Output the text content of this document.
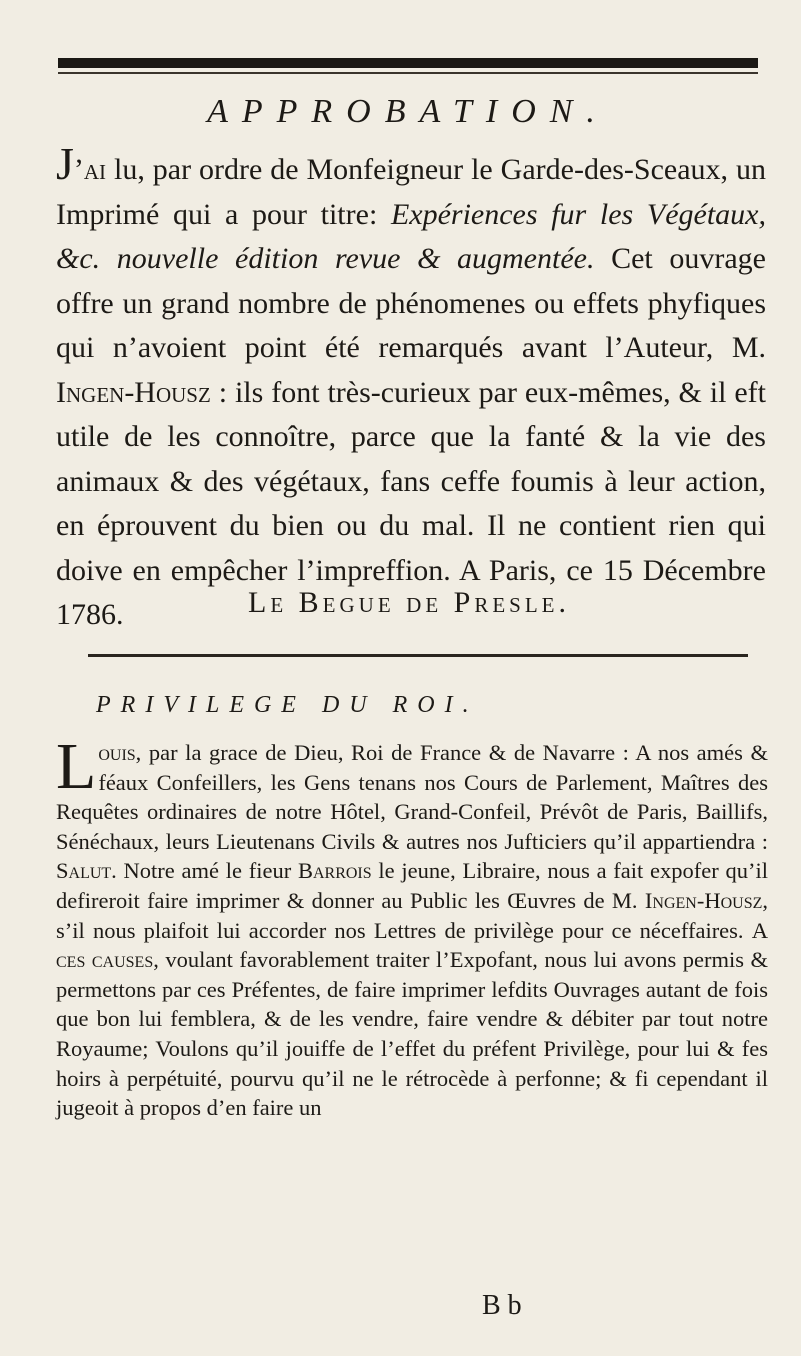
APPROBATION.
J’ai lu, par ordre de Monfeigneur le Garde-des-Sceaux, un Imprimé qui a pour titre: Expériences fur les Végétaux, &c. nouvelle édition revue & augmentée. Cet ouvrage offre un grand nombre de phénomenes ou effets phyfiques qui n’avoient point été remarqués avant l’Auteur, M. Ingen-Housz : ils font très-curieux par eux-mêmes, & il eft utile de les connoître, parce que la fanté & la vie des animaux & des végétaux, fans ceffe foumis à leur action, en éprouvent du bien ou du mal. Il ne contient rien qui doive en empêcher l’impreffion. A Paris, ce 15 Décembre 1786.	Le Begue de Presle.
PRIVILEGE DU ROI.
Louis, par la grace de Dieu, Roi de France & de Navarre : A nos amés & féaux Confeillers, les Gens tenans nos Cours de Parlement, Maîtres des Requêtes ordinaires de notre Hôtel, Grand-Confeil, Prévôt de Paris, Baillifs, Sénéchaux, leurs Lieutenans Civils & autres nos Jufticiers qu’il appartiendra : Salut. Notre amé le fieur Barrois le jeune, Libraire, nous a fait expofer qu’il defireroit faire imprimer & donner au Public les Œuvres de M. Ingen-Housz, s’il nous plaifoit lui accorder nos Lettres de privilège pour ce néceffaires. A ces causes, voulant favorablement traiter l’Expofant, nous lui avons permis & permettons par ces Préfentes, de faire imprimer lefdits Ouvrages autant de fois que bon lui femblera, & de les vendre, faire vendre & débiter par tout notre Royaume; Voulons qu’il jouiffe de l’effet du préfent Privilège, pour lui & fes hoirs à perpétuité, pourvu qu’il ne le rétrocède à perfonne; & fi cependant il jugeoit à propos d’en faire un
B b
